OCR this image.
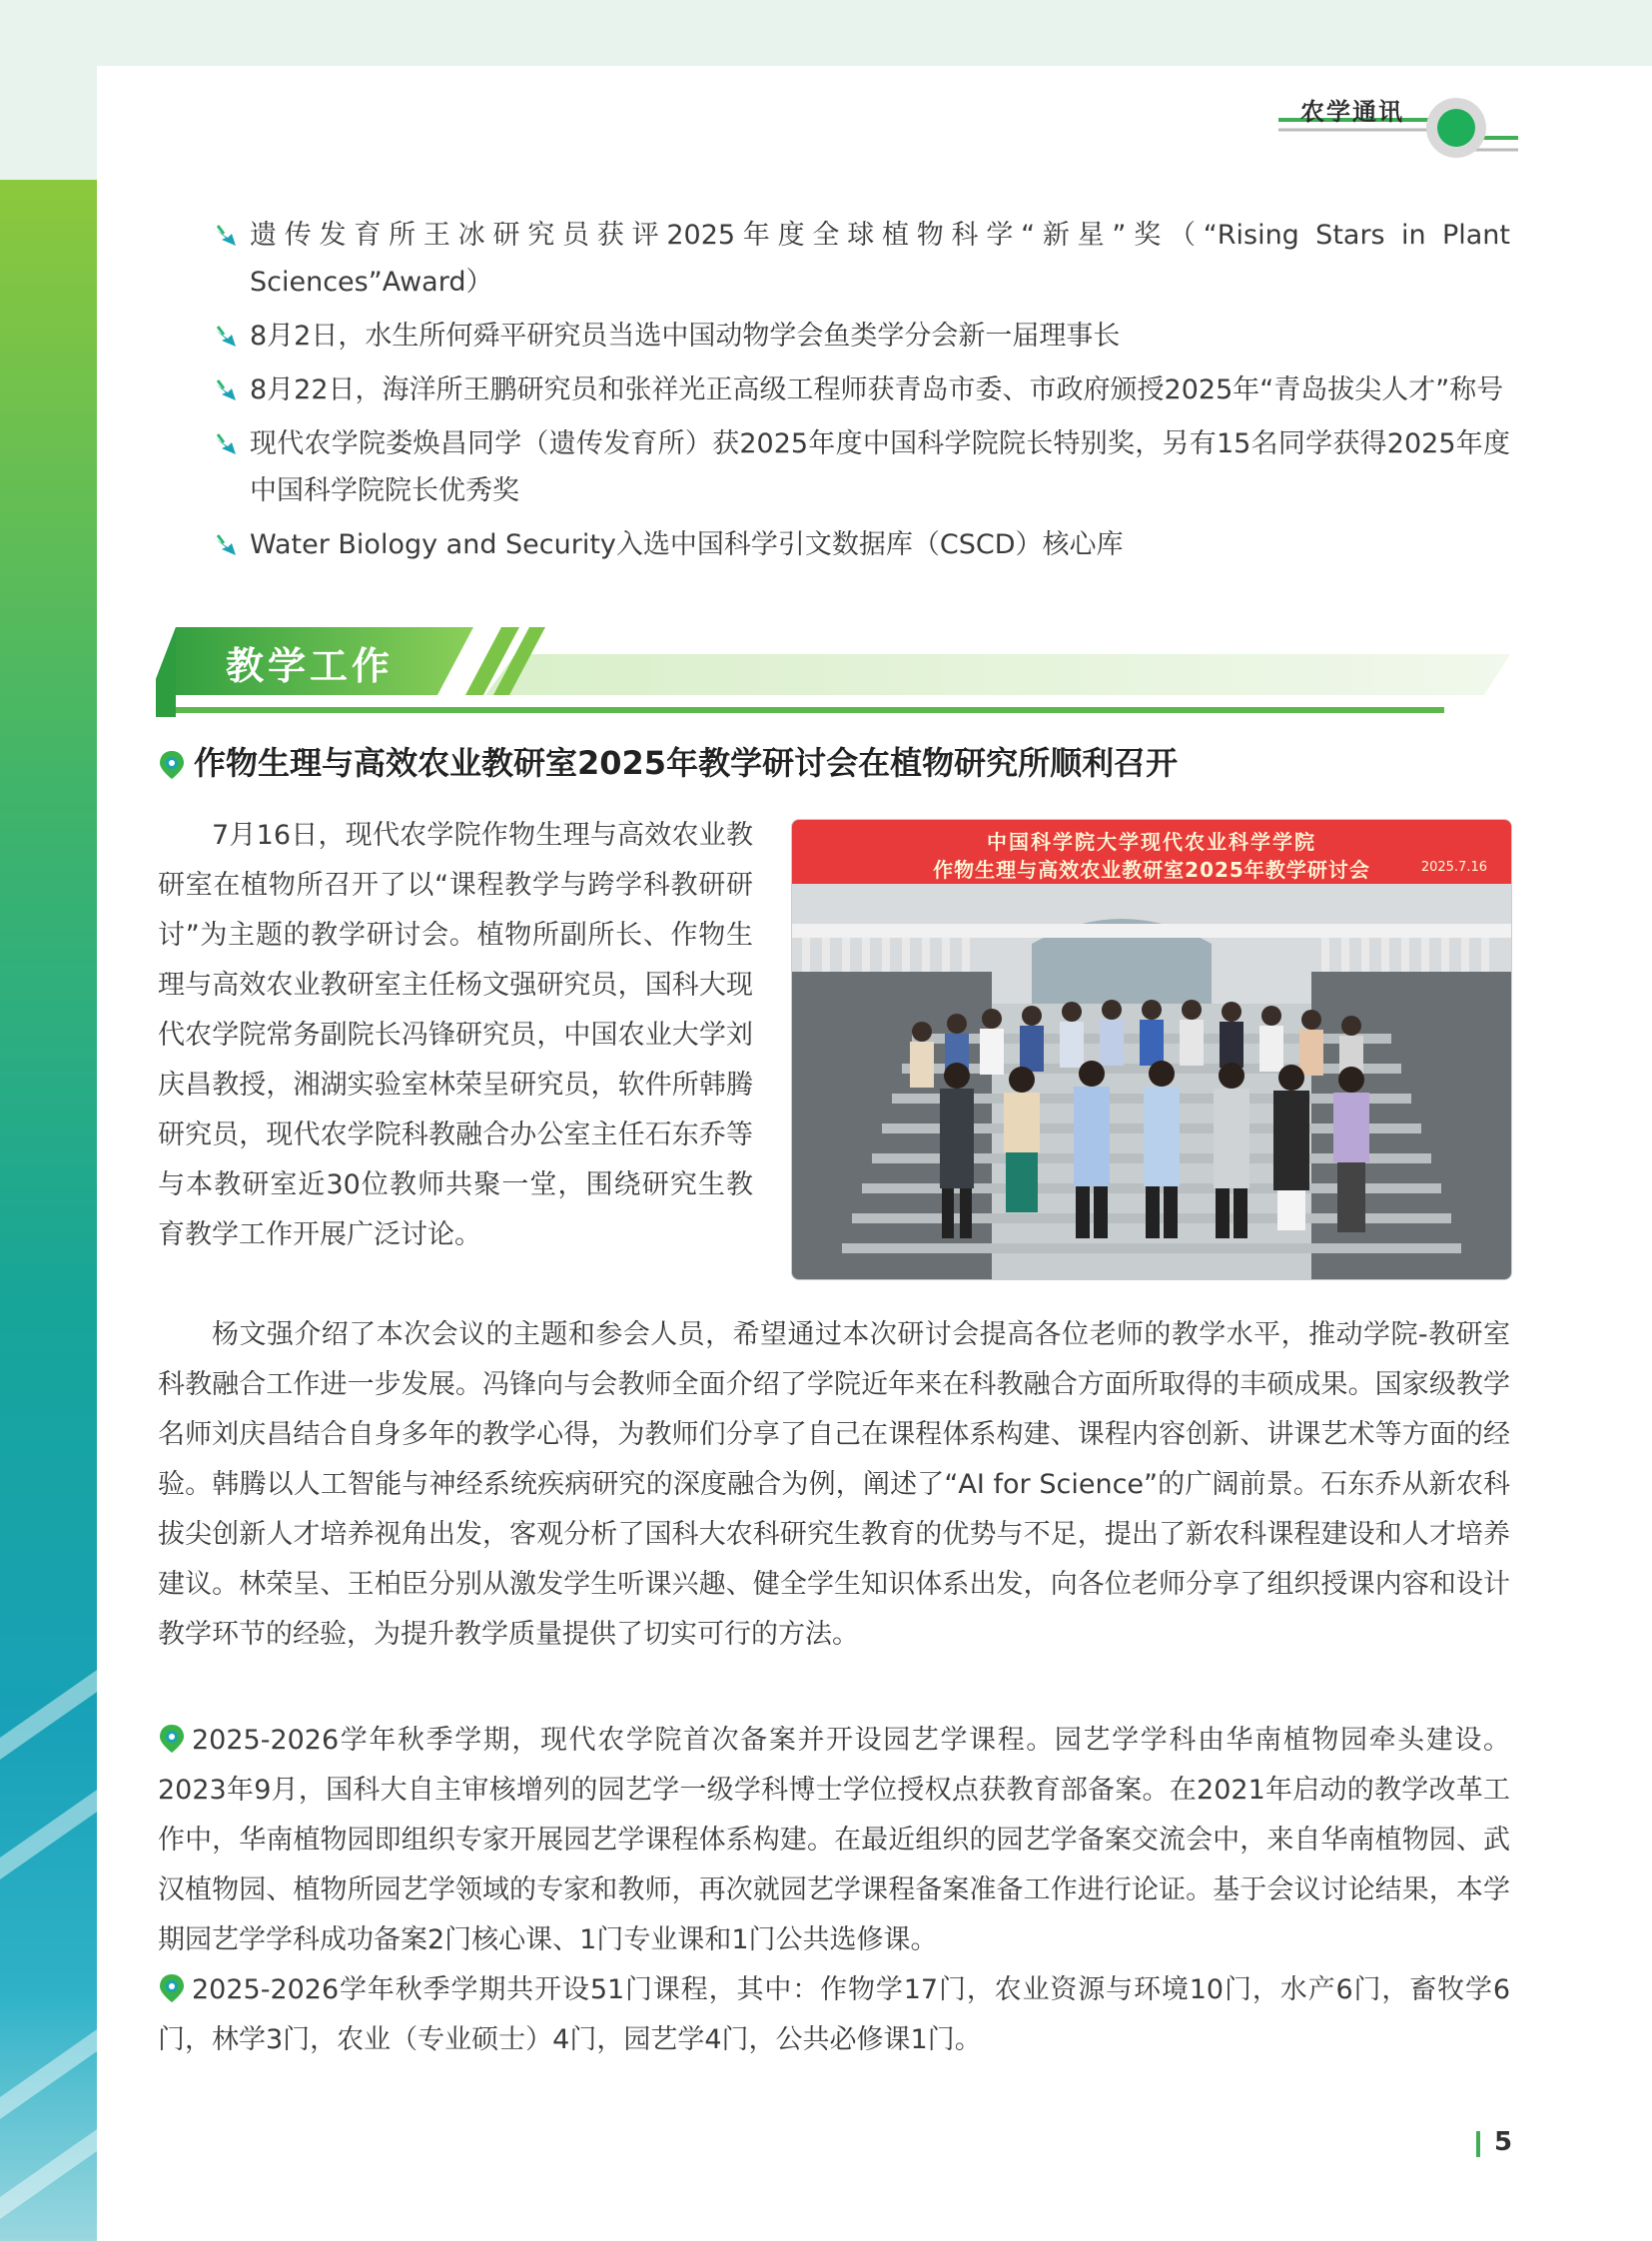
农学通讯
遗传发育所王冰研究员获评2025年度全球植物科学“新星”奖（“Rising Stars in Plant Sciences”Award）
8月2日，水生所何舜平研究员当选中国动物学会鱼类学分会新一届理事长
8月22日，海洋所王鹏研究员和张祥光正高级工程师获青岛市委、市政府颁授2025年“青岛拔尖人才”称号
现代农学院娄焕昌同学（遗传发育所）获2025年度中国科学院院长特别奖，另有15名同学获得2025年度中国科学院院长优秀奖
Water Biology and Security入选中国科学引文数据库（CSCD）核心库
教学工作
作物生理与高效农业教研室2025年教学研讨会在植物研究所顺利召开

7月16日，现代农学院作物生理与高效农业教研室在植物所召开了以“课程教学与跨学科教研研讨”为主题的教学研讨会。植物所副所长、作物生理与高效农业教研室主任杨文强研究员，国科大现代农学院常务副院长冯锋研究员，中国农业大学刘庆昌教授，湘湖实验室林荣呈研究员，软件所韩腾研究员，现代农学院科教融合办公室主任石东乔等与本教研室近30位教师共聚一堂，围绕研究生教育教学工作开展广泛讨论。

中国科学院大学现代农业科学学院
作物生理与高效农业教研室2025年教学研讨会	2025.7.16

杨文强介绍了本次会议的主题和参会人员，希望通过本次研讨会提高各位老师的教学水平，推动学院-教研室科教融合工作进一步发展。冯锋向与会教师全面介绍了学院近年来在科教融合方面所取得的丰硕成果。国家级教学名师刘庆昌结合自身多年的教学心得，为教师们分享了自己在课程体系构建、课程内容创新、讲课艺术等方面的经验。韩腾以人工智能与神经系统疾病研究的深度融合为例，阐述了“AI for Science”的广阔前景。石东乔从新农科拔尖创新人才培养视角出发，客观分析了国科大农科研究生教育的优势与不足，提出了新农科课程建设和人才培养建议。林荣呈、王柏臣分别从激发学生听课兴趣、健全学生知识体系出发，向各位老师分享了组织授课内容和设计教学环节的经验，为提升教学质量提供了切实可行的方法。

2025-2026学年秋季学期，现代农学院首次备案并开设园艺学课程。园艺学学科由华南植物园牵头建设。2023年9月，国科大自主审核增列的园艺学一级学科博士学位授权点获教育部备案。在2021年启动的教学改革工作中，华南植物园即组织专家开展园艺学课程体系构建。在最近组织的园艺学备案交流会中，来自华南植物园、武汉植物园、植物所园艺学领域的专家和教师，再次就园艺学课程备案准备工作进行论证。基于会议讨论结果，本学期园艺学学科成功备案2门核心课、1门专业课和1门公共选修课。

2025-2026学年秋季学期共开设51门课程，其中：作物学17门，农业资源与环境10门，水产6门，畜牧学6门，林学3门，农业（专业硕士）4门，园艺学4门，公共必修课1门。

5
